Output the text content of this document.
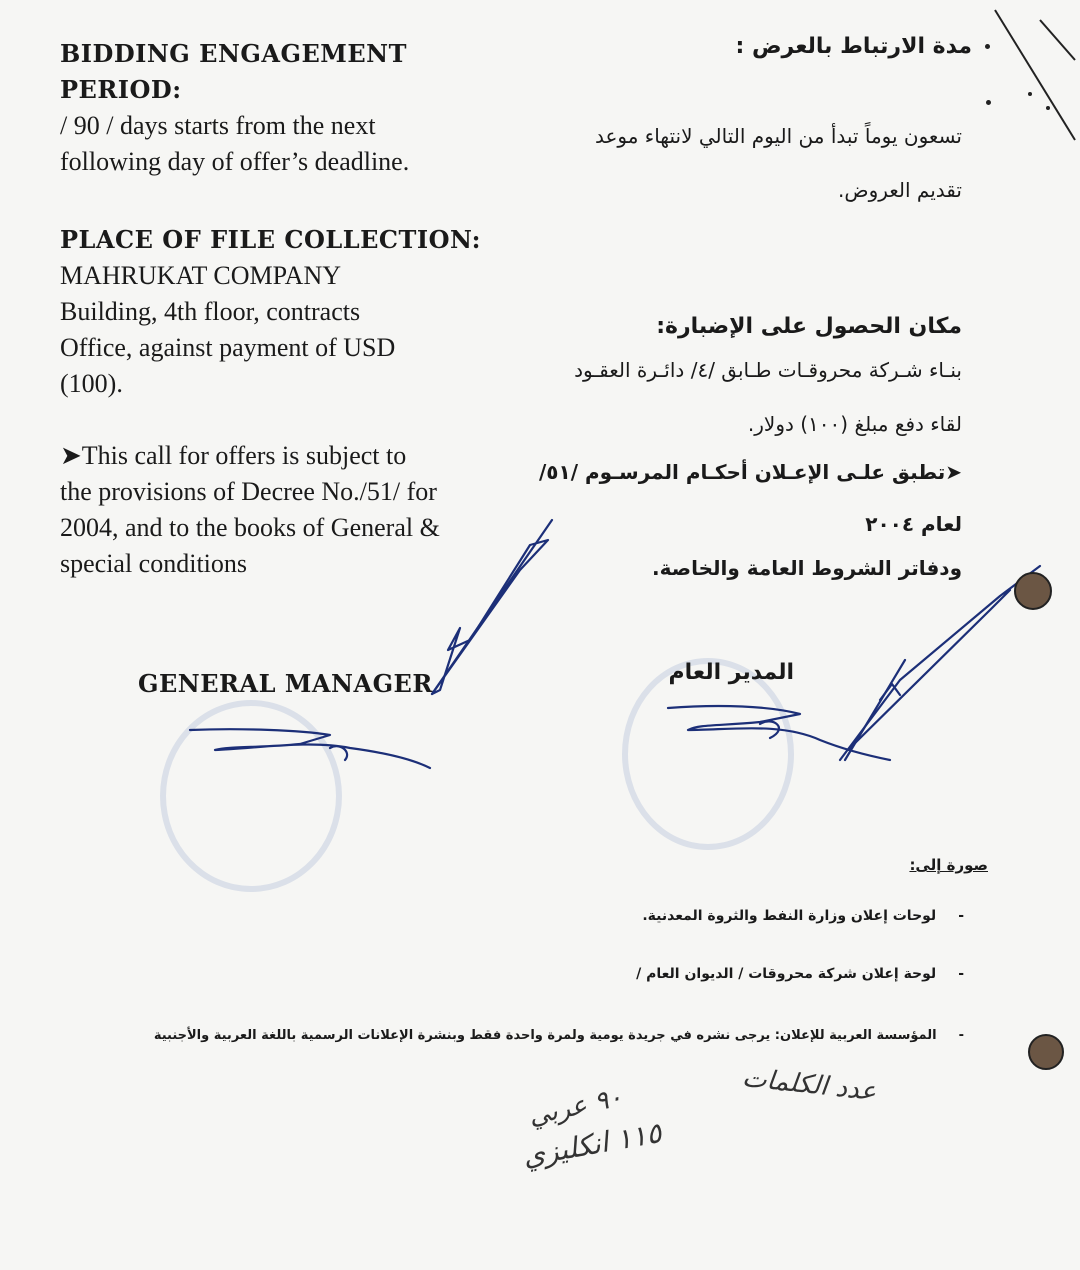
BIDDING ENGAGEMENT

PERIOD:

/ 90 / days starts from the next

following day of offer’s deadline.

PLACE OF FILE COLLECTION:

MAHRUKAT COMPANY

Building, 4th floor, contracts

Office, against payment of USD

(100).

➤This call for offers is subject to

the provisions of Decree No./51/ for

2004, and to the books of General &

special conditions

GENERAL MANAGER

مدة الارتباط بالعرض :
تسعون يوماً تبدأ من اليوم التالي لانتهاء موعد
تقديم العروض.
مكان الحصول على الإضبارة:
بنـاء شـركة محروقـات طـابق /٤/ دائـرة العقـود
لقاء دفع مبلغ (١٠٠) دولار.
➤تطبق علـى الإعـلان أحكـام المرسـوم /٥١/
لعام ٢٠٠٤
ودفاتر الشروط العامة والخاصة.
المدير العام
صورة إلى:
-لوحات إعلان وزارة النفط والثروة المعدنية.
-لوحة إعلان شركة محروقات / الديوان العام /
-المؤسسة العربية للإعلان: يرجى نشره في جريدة يومية ولمرة واحدة فقط وبنشرة الإعلانات الرسمية باللغة العربية والأجنبية
عدد الكلمات
٩٠ عربي
١١٥ انكليزي
